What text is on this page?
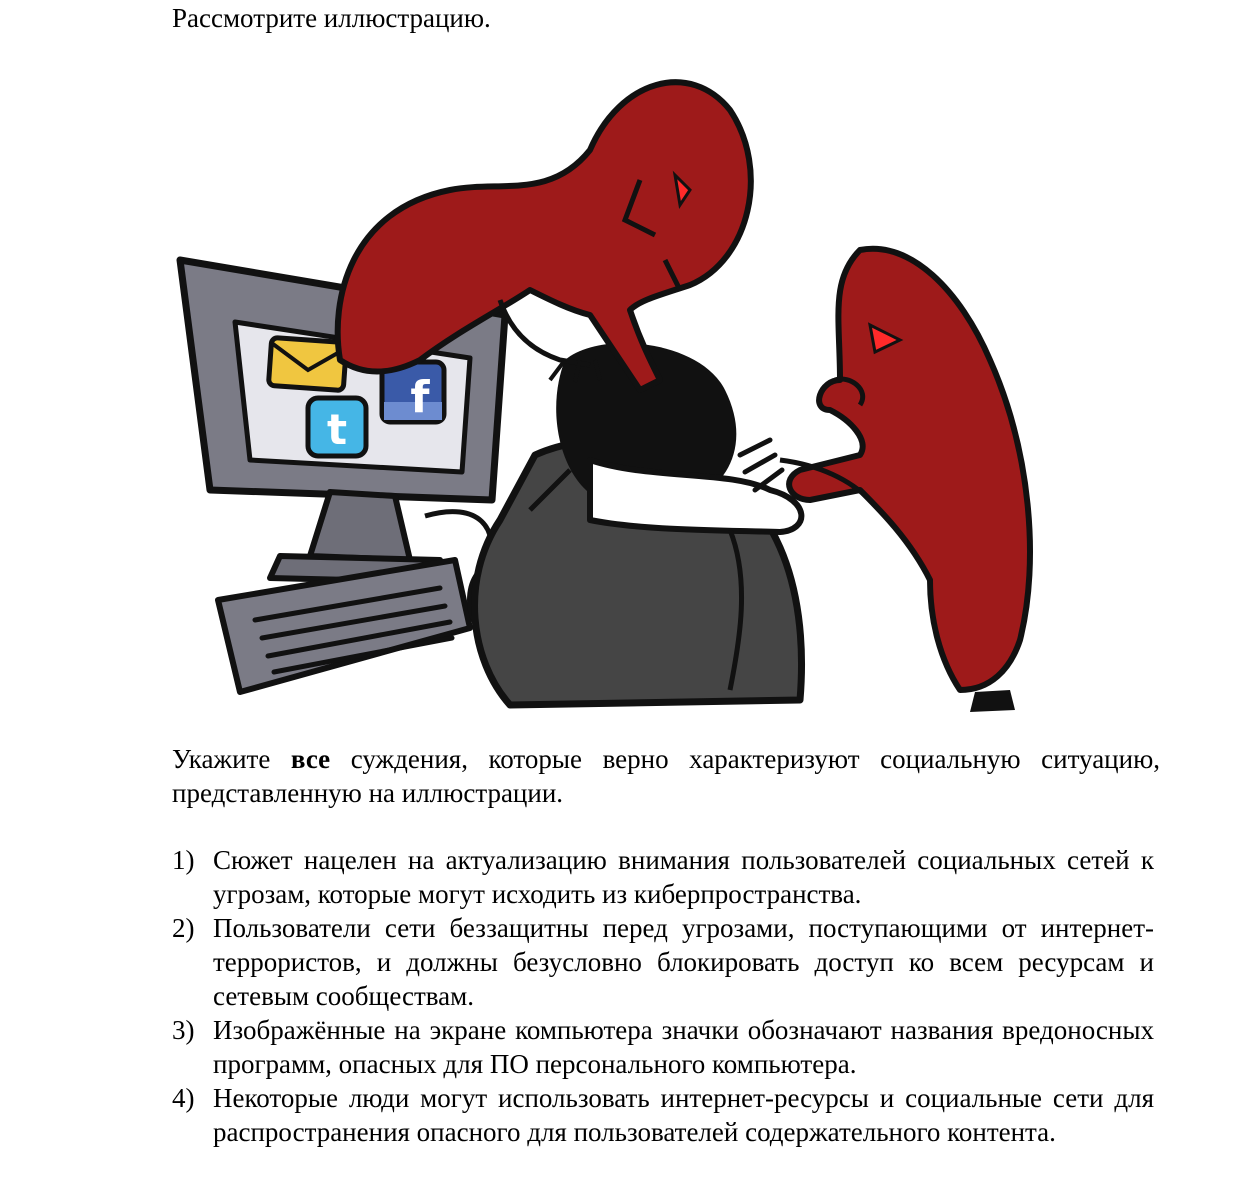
Рассмотрите иллюстрацию.

f
t

Укажите все суждения, которые верно характеризуют социальную ситуацию, представленную на иллюстрации.

1) Сюжет нацелен на актуализацию внимания пользователей социальных сетей к угрозам, которые могут исходить из киберпространства.
2) Пользователи сети беззащитны перед угрозами, поступающими от интернет-террористов, и должны безусловно блокировать доступ ко всем ресурсам и сетевым сообществам.
3) Изображённые на экране компьютера значки обозначают названия вредоносных программ, опасных для ПО персонального компьютера.
4) Некоторые люди могут использовать интернет-ресурсы и социальные сети для распространения опасного для пользователей содержательного контента.
